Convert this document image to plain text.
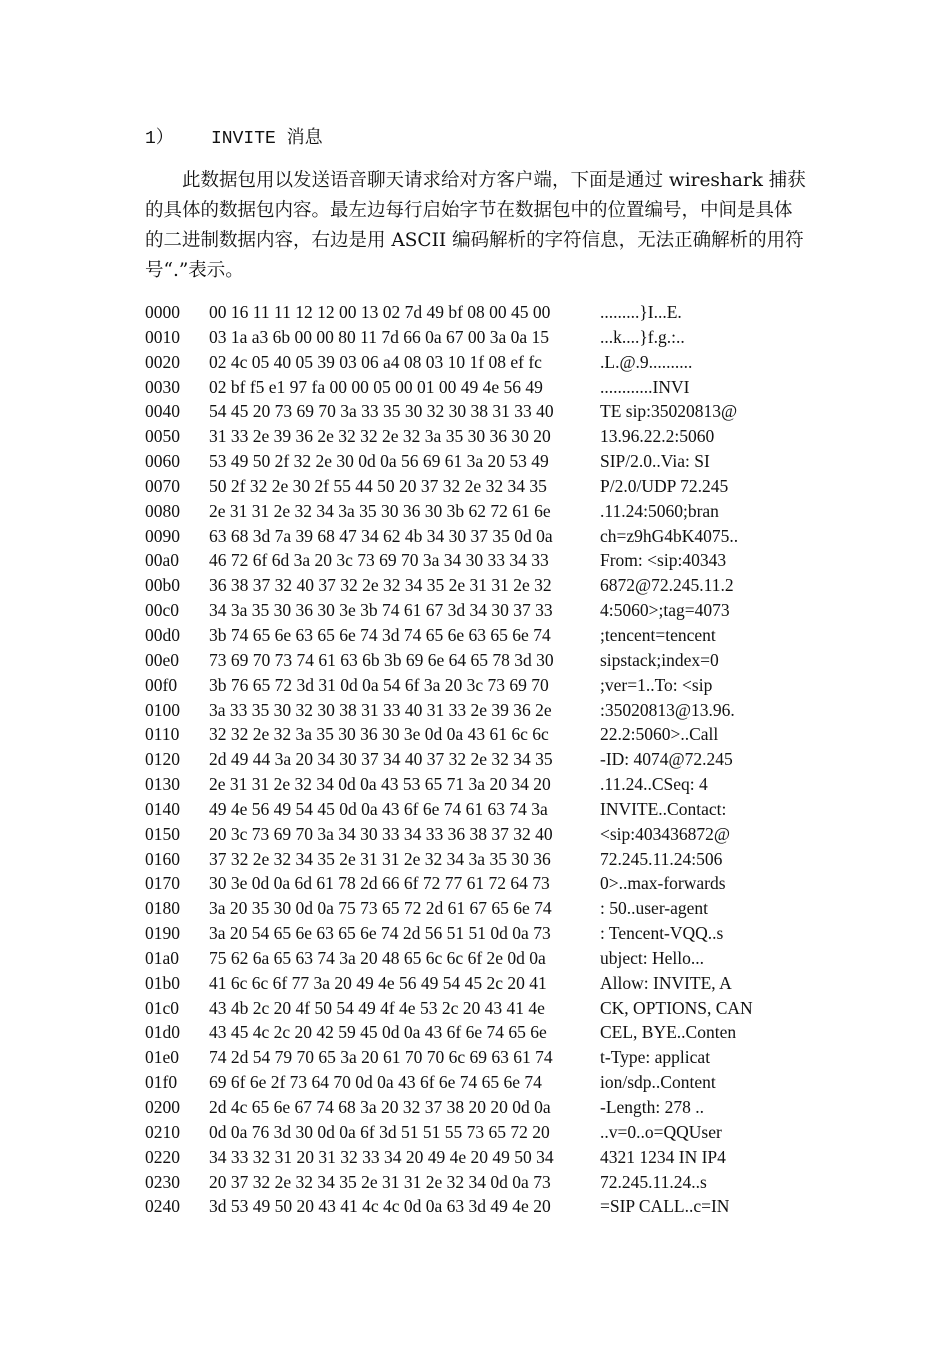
1） INVITE 消息
此数据包用以发送语音聊天请求给对方客户端，下面是通过 wireshark 捕获
的具体的数据包内容。最左边每行启始字节在数据包中的位置编号，中间是具体
的二进制数据内容，右边是用 ASCII 编码解析的字符信息，无法正确解析的用符
号“.”表示。
0000 00 16 11 11 12 12 00 13 02 7d 49 bf 08 00 45 00	.........}I...E.
0010 03 1a a3 6b 00 00 80 11 7d 66 0a 67 00 3a 0a 15	...k....}f.g.:..
0020 02 4c 05 40 05 39 03 06 a4 08 03 10 1f 08 ef fc	.L.@.9..........
0030 02 bf f5 e1 97 fa 00 00 05 00 01 00 49 4e 56 49	............INVI
0040 54 45 20 73 69 70 3a 33 35 30 32 30 38 31 33 40	TE sip:35020813@
0050 31 33 2e 39 36 2e 32 32 2e 32 3a 35 30 36 30 20	13.96.22.2:5060
0060 53 49 50 2f 32 2e 30 0d 0a 56 69 61 3a 20 53 49	SIP/2.0..Via: SI
0070 50 2f 32 2e 30 2f 55 44 50 20 37 32 2e 32 34 35	P/2.0/UDP 72.245
0080 2e 31 31 2e 32 34 3a 35 30 36 30 3b 62 72 61 6e	.11.24:5060;bran
0090 63 68 3d 7a 39 68 47 34 62 4b 34 30 37 35 0d 0a	ch=z9hG4bK4075..
00a0 46 72 6f 6d 3a 20 3c 73 69 70 3a 34 30 33 34 33	From: <sip:40343
00b0 36 38 37 32 40 37 32 2e 32 34 35 2e 31 31 2e 32	6872@72.245.11.2
00c0 34 3a 35 30 36 30 3e 3b 74 61 67 3d 34 30 37 33	4:5060>;tag=4073
00d0 3b 74 65 6e 63 65 6e 74 3d 74 65 6e 63 65 6e 74	;tencent=tencent
00e0 73 69 70 73 74 61 63 6b 3b 69 6e 64 65 78 3d 30	sipstack;index=0
00f0 3b 76 65 72 3d 31 0d 0a 54 6f 3a 20 3c 73 69 70	;ver=1..To: <sip
0100 3a 33 35 30 32 30 38 31 33 40 31 33 2e 39 36 2e	:35020813@13.96.
0110 32 32 2e 32 3a 35 30 36 30 3e 0d 0a 43 61 6c 6c	22.2:5060>..Call
0120 2d 49 44 3a 20 34 30 37 34 40 37 32 2e 32 34 35	-ID: 4074@72.245
0130 2e 31 31 2e 32 34 0d 0a 43 53 65 71 3a 20 34 20	.11.24..CSeq: 4
0140 49 4e 56 49 54 45 0d 0a 43 6f 6e 74 61 63 74 3a	INVITE..Contact:
0150 20 3c 73 69 70 3a 34 30 33 34 33 36 38 37 32 40	<sip:403436872@
0160 37 32 2e 32 34 35 2e 31 31 2e 32 34 3a 35 30 36	72.245.11.24:506
0170 30 3e 0d 0a 6d 61 78 2d 66 6f 72 77 61 72 64 73	0>..max-forwards
0180 3a 20 35 30 0d 0a 75 73 65 72 2d 61 67 65 6e 74	: 50..user-agent
0190 3a 20 54 65 6e 63 65 6e 74 2d 56 51 51 0d 0a 73	: Tencent-VQQ..s
01a0 75 62 6a 65 63 74 3a 20 48 65 6c 6c 6f 2e 0d 0a	ubject: Hello...
01b0 41 6c 6c 6f 77 3a 20 49 4e 56 49 54 45 2c 20 41	Allow: INVITE, A
01c0 43 4b 2c 20 4f 50 54 49 4f 4e 53 2c 20 43 41 4e	CK, OPTIONS, CAN
01d0 43 45 4c 2c 20 42 59 45 0d 0a 43 6f 6e 74 65 6e	CEL, BYE..Conten
01e0 74 2d 54 79 70 65 3a 20 61 70 70 6c 69 63 61 74	t-Type: applicat
01f0 69 6f 6e 2f 73 64 70 0d 0a 43 6f 6e 74 65 6e 74	ion/sdp..Content
0200 2d 4c 65 6e 67 74 68 3a 20 32 37 38 20 20 0d 0a	-Length: 278 ..
0210 0d 0a 76 3d 30 0d 0a 6f 3d 51 51 55 73 65 72 20	..v=0..o=QQUser
0220 34 33 32 31 20 31 32 33 34 20 49 4e 20 49 50 34	4321 1234 IN IP4
0230 20 37 32 2e 32 34 35 2e 31 31 2e 32 34 0d 0a 73	72.245.11.24..s
0240 3d 53 49 50 20 43 41 4c 4c 0d 0a 63 3d 49 4e 20	=SIP CALL..c=IN
